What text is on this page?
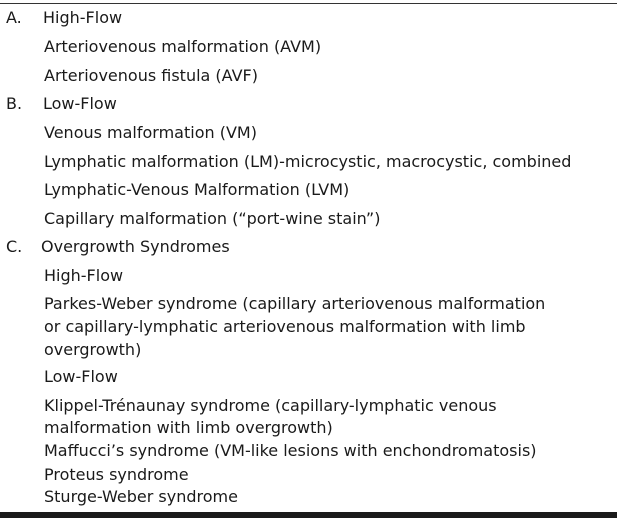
A. High-Flow
Arteriovenous malformation (AVM)
Arteriovenous fistula (AVF)
B. Low-Flow
Venous malformation (VM)
Lymphatic malformation (LM)-microcystic, macrocystic, combined
Lymphatic-Venous Malformation (LVM)
Capillary malformation (“port-wine stain”)
C. Overgrowth Syndromes
High-Flow
Parkes-Weber syndrome (capillary arteriovenous malformation
or capillary-lymphatic arteriovenous malformation with limb
overgrowth)
Low-Flow
Klippel-Trénaunay syndrome (capillary-lymphatic venous
malformation with limb overgrowth)
Maffucci’s syndrome (VM-like lesions with enchondromatosis)
Proteus syndrome
Sturge-Weber syndrome
